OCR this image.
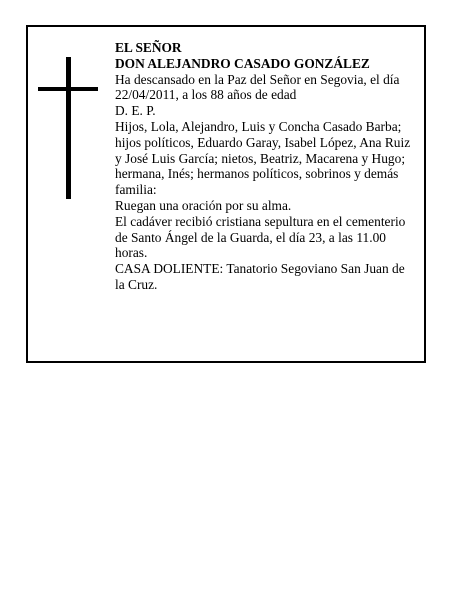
EL SEÑOR

DON ALEJANDRO CASADO GONZÁLEZ

Ha descansado en la Paz del Señor en Segovia, el día 22/04/2011, a los 88 años de edad

D. E. P.

Hijos, Lola, Alejandro, Luis y Concha Casado Barba; hijos políticos, Eduardo Garay, Isabel López, Ana Ruiz y José Luis García; nietos, Beatriz, Macarena y Hugo; hermana, Inés; hermanos políticos, sobrinos y demás familia:

Ruegan una oración por su alma.

El cadáver recibió cristiana sepultura en el cementerio de Santo Ángel de la Guarda, el día 23, a las 11.00 horas.

CASA DOLIENTE: Tanatorio Segoviano San Juan de la Cruz.
